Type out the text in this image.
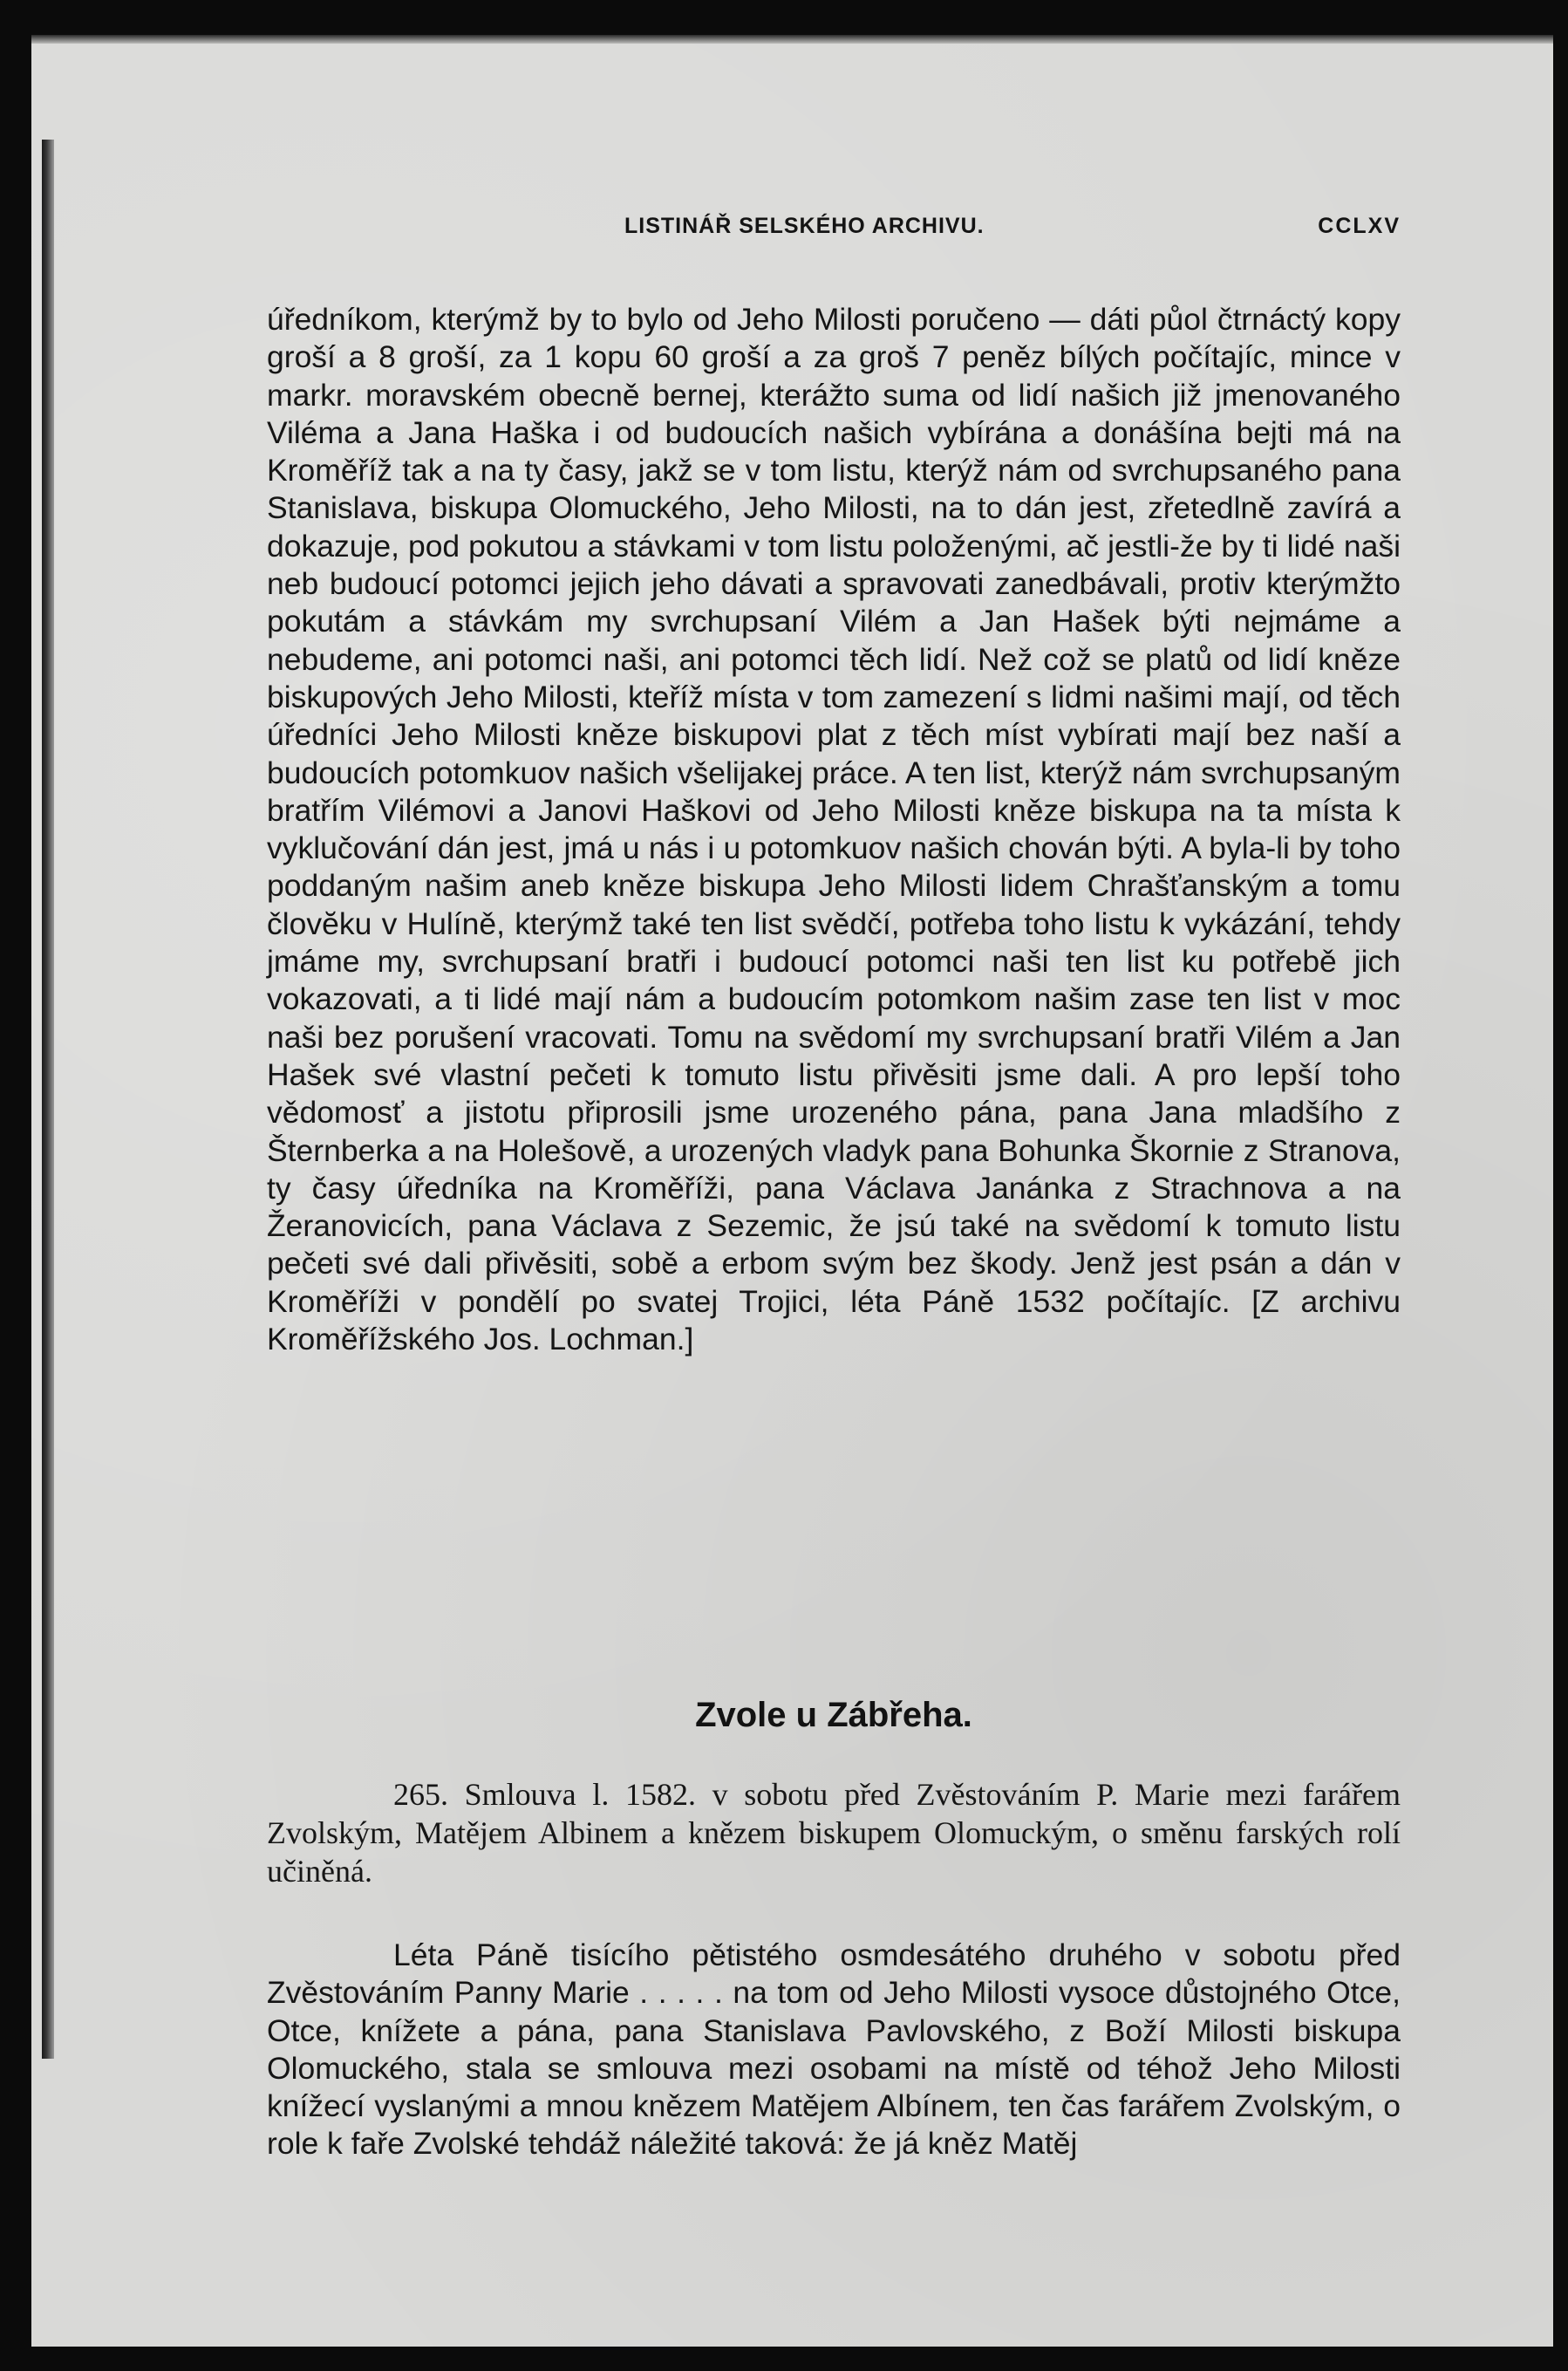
LISTINÁŘ SELSKÉHO ARCHIVU.	CCLXV

úředníkom, kterýmž by to bylo od Jeho Milosti poručeno — dáti půol čtrnáctý kopy groší a 8 groší, za 1 kopu 60 groší a za groš 7 peněz bílých počítajíc, mince v markr. moravském obecně bernej, kterážto suma od lidí našich již jmenovaného Viléma a Jana Haška i od budoucích našich vybírána a donášína bejti má na Kroměříž tak a na ty časy, jakž se v tom listu, kterýž nám od svrchupsaného pana Stanislava, biskupa Olomuckého, Jeho Milosti, na to dán jest, zřetedlně zavírá a dokazuje, pod pokutou a stávkami v tom listu položenými, ač jestli-že by ti lidé naši neb budoucí potomci jejich jeho dávati a spravovati zanedbávali, protiv kterýmžto pokutám a stávkám my svrchupsaní Vilém a Jan Hašek býti nejmáme a nebudeme, ani potomci naši, ani potomci těch lidí. Než což se platů od lidí kněze biskupových Jeho Milosti, kteříž místa v tom zamezení s lidmi našimi mají, od těch úředníci Jeho Milosti kněze biskupovi plat z těch míst vybírati mají bez naší a budoucích potomkuov našich všelijakej práce. A ten list, kterýž nám svrchupsaným bratřím Vilémovi a Janovi Haškovi od Jeho Milosti kněze biskupa na ta místa k vyklučování dán jest, jmá u nás i u potomkuov našich chován býti. A byla-li by toho poddaným našim aneb kněze biskupa Jeho Milosti lidem Chrašťanským a tomu človĕku v Hulíně, kterýmž také ten list svědčí, potřeba toho listu k vykázání, tehdy jmáme my, svrchupsaní bratři i budoucí potomci naši ten list ku potřebě jich vokazovati, a ti lidé mají nám a budoucím potomkom našim zase ten list v moc naši bez porušení vracovati. Tomu na svědomí my svrchupsaní bratři Vilém a Jan Hašek své vlastní pečeti k tomuto listu přivěsiti jsme dali. A pro lepší toho vědomosť a jistotu připrosili jsme urozeného pána, pana Jana mladšího z Šternberka a na Holešově, a urozených vladyk pana Bohunka Škornie z Stranova, ty časy úředníka na Kroměříži, pana Václava Janánka z Strachnova a na Žeranovicích, pana Václava z Sezemic, že jsú také na svědomí k tomuto listu pečeti své dali přivěsiti, sobě a erbom svým bez škody. Jenž jest psán a dán v Kroměříži v pondělí po svatej Trojici, léta Páně 1532 počítajíc. [Z archivu Kroměřížského Jos. Lochman.]

Zvole u Zábřeha.
265. Smlouva l. 1582. v sobotu před Zvěstováním P. Marie mezi farářem Zvolským, Matějem Albinem a knězem biskupem Olomuckým, o směnu farských rolí učiněná.
Léta Páně tisícího pětistého osmdesátého druhého v sobotu před Zvěstováním Panny Marie . . . . . na tom od Jeho Milosti vysoce důstojného Otce, Otce, knížete a pána, pana Stanislava Pavlovského, z Boží Milosti biskupa Olomuckého, stala se smlouva mezi osobami na místě od téhož Jeho Milosti knížecí vyslanými a mnou knězem Matějem Albínem, ten čas farářem Zvolským, o role k faře Zvolské tehdáž náležité taková: že já kněz Matěj
